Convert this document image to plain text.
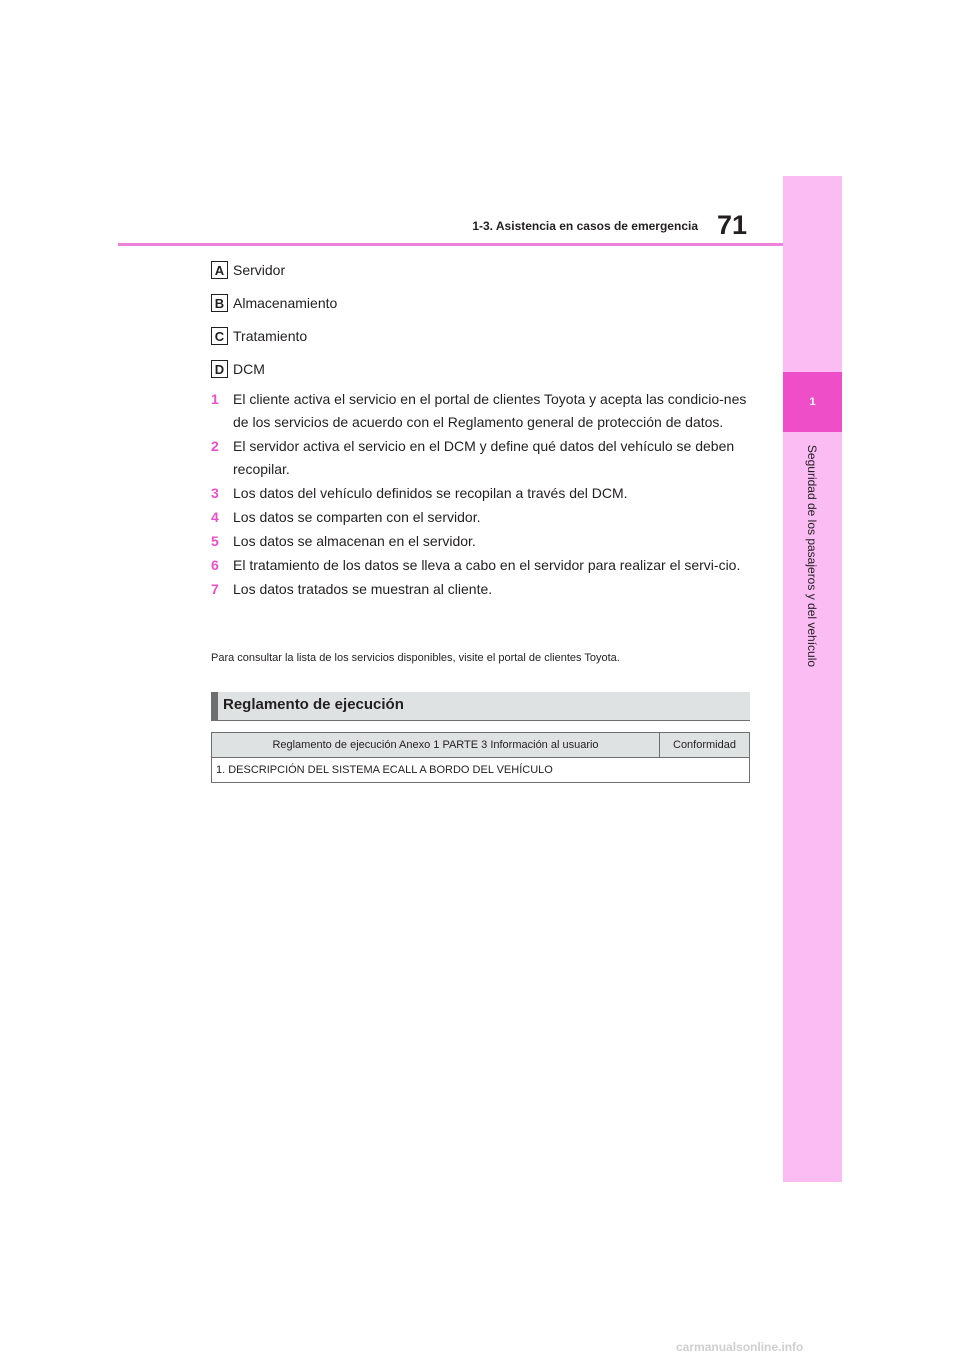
1
Seguridad de los pasajeros y del vehículo
1-3. Asistencia en casos de emergencia 71
A Servidor
B Almacenamiento
C Tratamiento
D DCM
1	El cliente activa el servicio en el portal de clientes Toyota y acepta las condicio-nes de los servicios de acuerdo con el Reglamento general de protección de datos.
2	El servidor activa el servicio en el DCM y define qué datos del vehículo se deben recopilar.
3	Los datos del vehículo definidos se recopilan a través del DCM.
4	Los datos se comparten con el servidor.
5	Los datos se almacenan en el servidor.
6	El tratamiento de los datos se lleva a cabo en el servidor para realizar el servi-cio.
7	Los datos tratados se muestran al cliente.
Para consultar la lista de los servicios disponibles, visite el portal de clientes Toyota.
Reglamento de ejecución
Reglamento de ejecución Anexo 1 PARTE 3 Información al usuario	Conformidad
1. DESCRIPCIÓN DEL SISTEMA ECALL A BORDO DEL VEHÍCULO
carmanualsonline.info
